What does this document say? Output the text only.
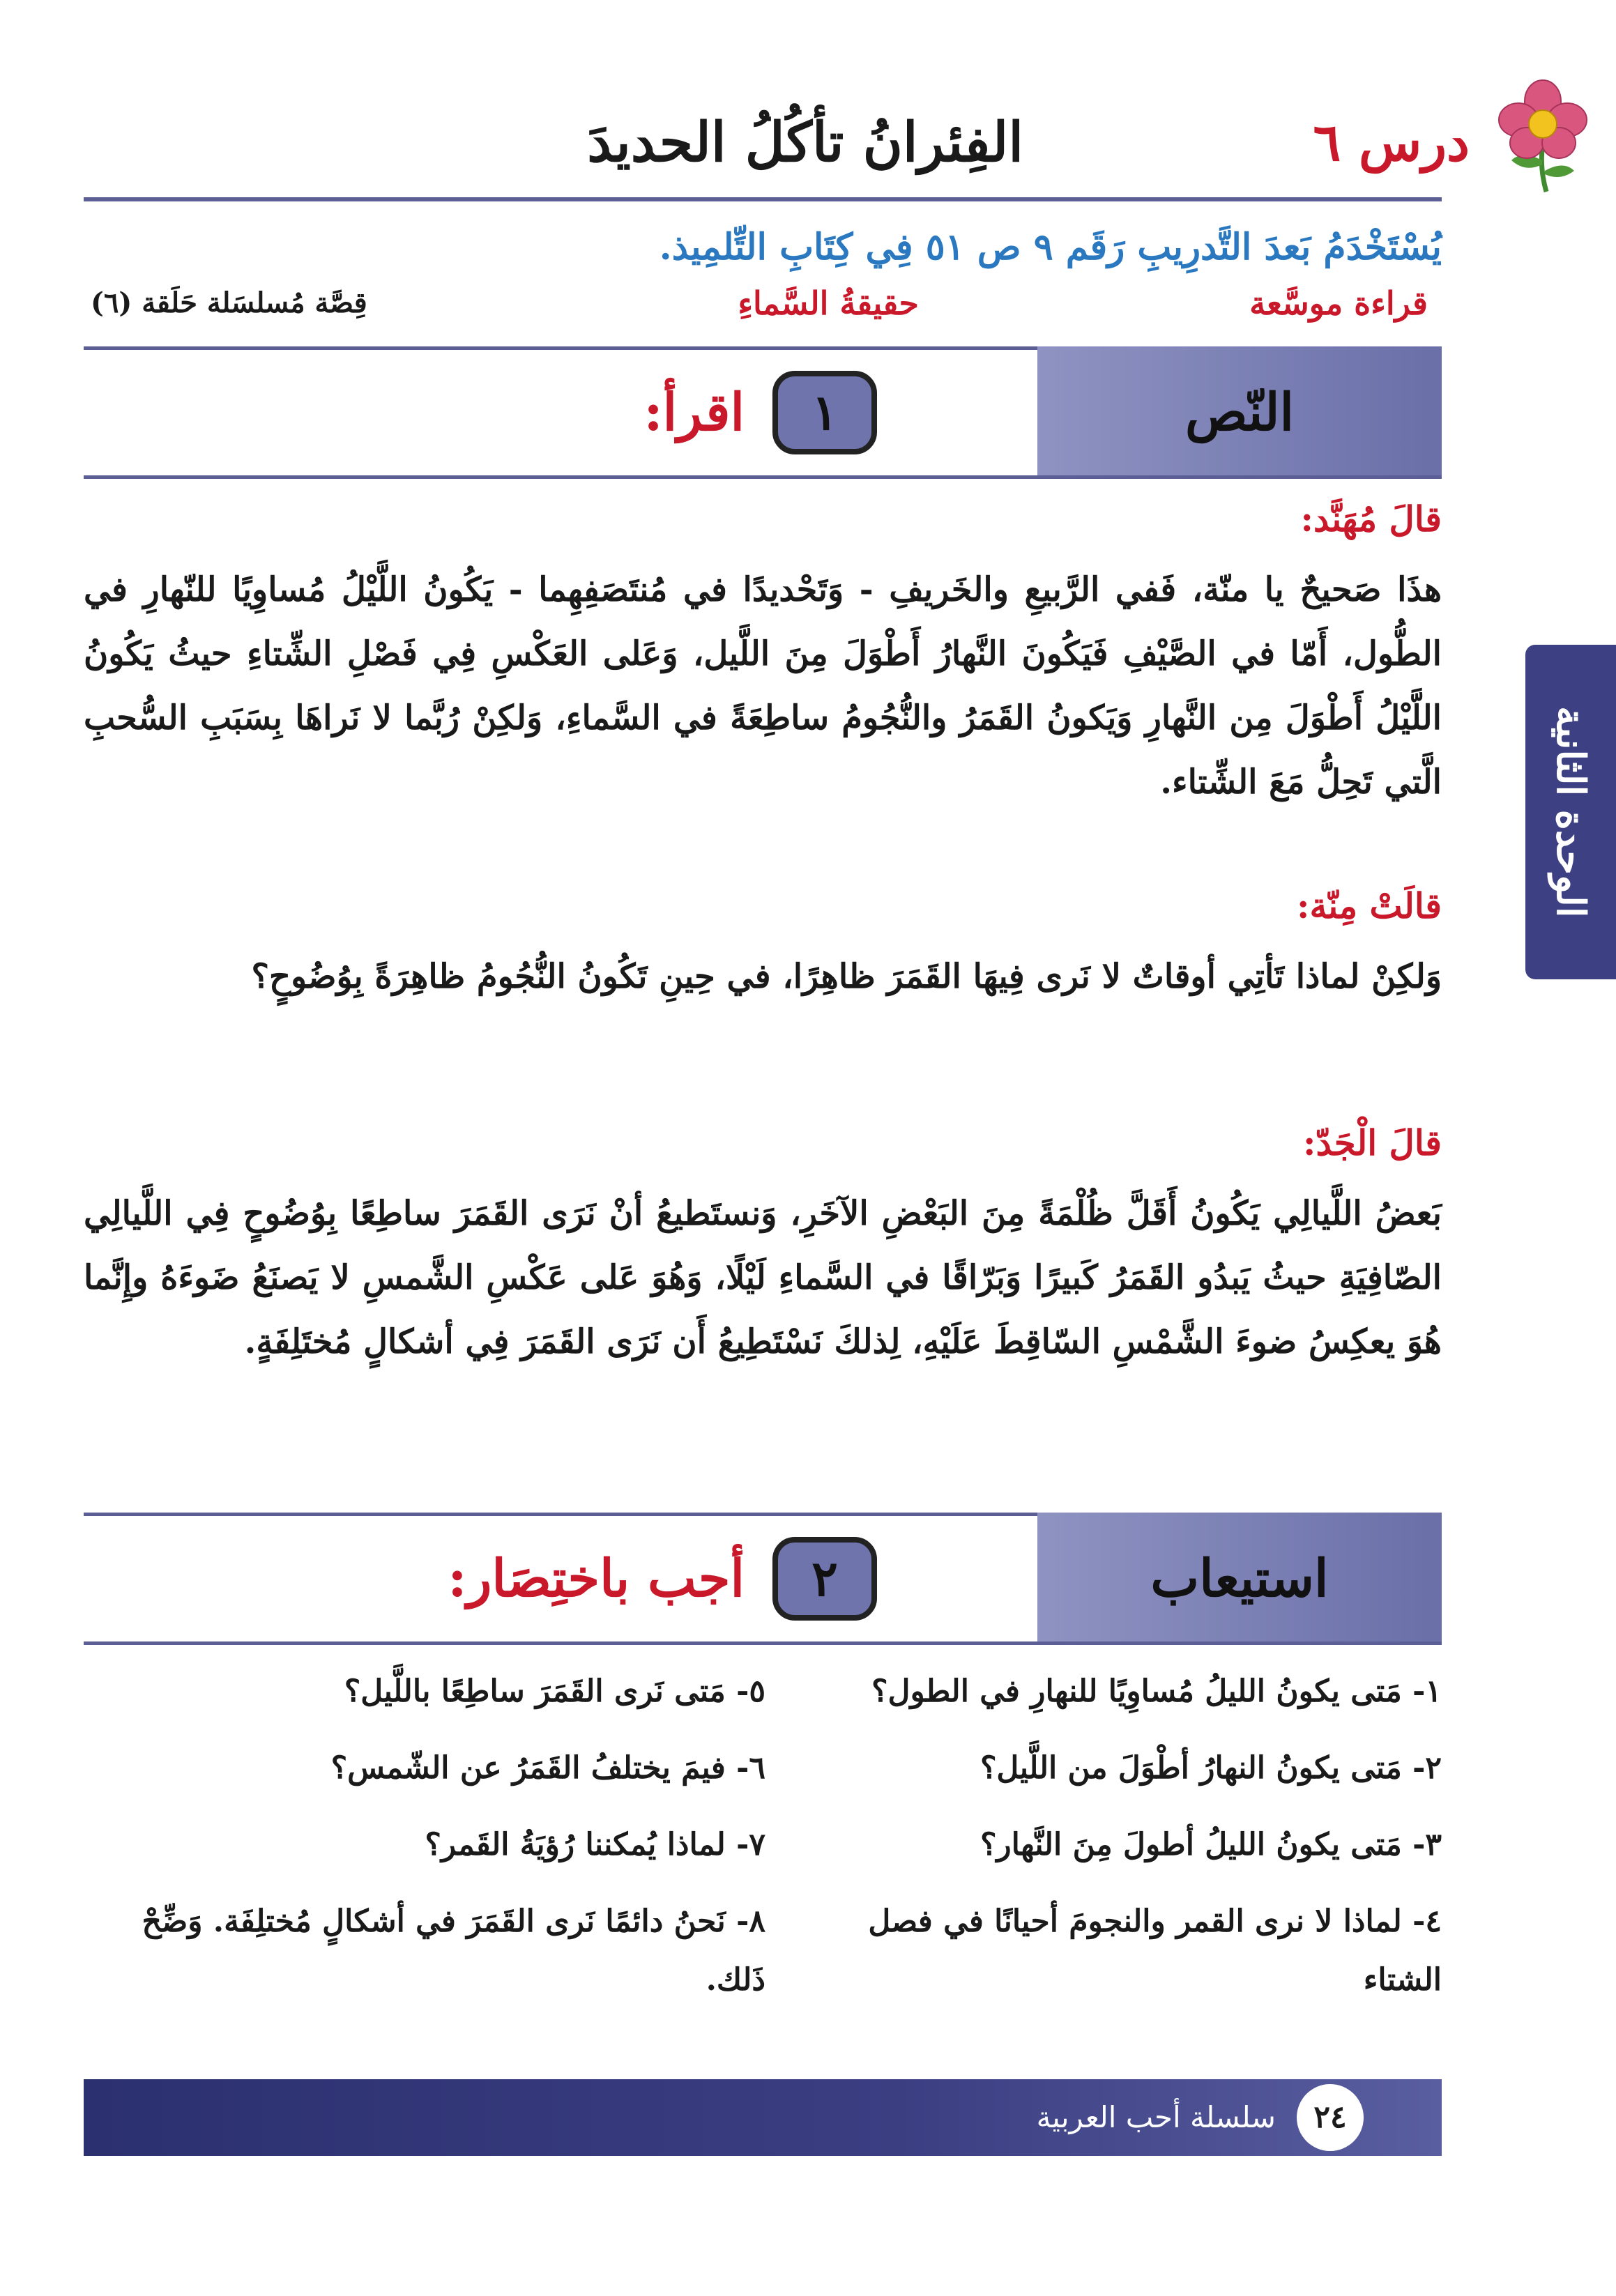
درس ٦
الفِئرانُ تأكُلُ الحديدَ
يُسْتَخْدَمُ بَعدَ التَّدرِيبِ رَقَم ٩ ص ٥١ فِي كِتَابِ التِّلمِيذ.
قراءة موسَّعة
حقيقةُ السَّماءِ
قِصَّة مُسلسَلة حَلَقة (٦)
النّص
١
اقرأ:
قالَ مُهَنَّد:
هذَا صَحيحٌ يا منّة، فَفي الرَّبيعِ والخَريفِ - وَتَحْديدًا في مُنتَصَفِهِما - يَكُونُ اللَّيْلُ مُساوِيًا للنّهارِ في الطُّول، أَمّا في الصَّيْفِ فَيَكُونَ النَّهارُ أَطْوَلَ مِنَ اللَّيل، وَعَلى العَكْسِ فِي فَصْلِ الشِّتاءِ حيثُ يَكُونُ اللَّيْلُ أَطْوَلَ مِن النَّهارِ وَيَكونُ القَمَرُ والنُّجُومُ ساطِعَةً في السَّماءِ، وَلكِنْ رُبَّما لا نَراهَا بِسَبَبِ السُّحبِ الَّتي تَحِلُّ مَعَ الشِّتاء.
قالَتْ مِنّة:
وَلكِنْ لماذا تَأتِي أوقاتٌ لا نَرى فِيهَا القَمَرَ ظاهِرًا، في حِينِ تَكُونُ النُّجُومُ ظاهِرَةً بِوُضُوحٍ؟
قالَ الْجَدّ:
بَعضُ اللَّيالِي يَكُونُ أَقَلَّ ظُلْمَةً مِنَ البَعْضِ الآخَرِ، وَنستَطيعُ أنْ نَرَى القَمَرَ ساطِعًا بِوُضُوحٍ فِي اللَّيالِي الصّافِيَةِ حيثُ يَبدُو القَمَرُ كَبيرًا وَبَرّاقًا في السَّماءِ لَيْلًا، وَهُوَ عَلى عَكْسِ الشَّمسِ لا يَصنَعُ ضَوءَهُ وإِنَّما هُوَ يعكِسُ ضوءَ الشَّمْسِ السّاقِطَ عَلَيْهِ، لِذلكَ نَسْتَطِيعُ أَن نَرَى القَمَرَ فِي أشكالٍ مُختَلِفَةٍ.
استيعاب
٢
أجب باختِصَار:
١- مَتى يكونُ الليلُ مُساوِيًا للنهارِ في الطول؟
٢- مَتى يكونُ النهارُ أطْوَلَ من اللَّيل؟
٣- مَتى يكونُ الليلُ أطولَ مِنَ النَّهار؟
٤- لماذا لا نرى القمر والنجومَ أحيانًا في فصل الشتاء
٥- مَتى نَرى القَمَرَ ساطِعًا باللَّيل؟
٦- فيمَ يختلفُ القَمَرُ عن الشّمس؟
٧- لماذا يُمكننا رُؤيَةُ القَمر؟
٨- نَحنُ دائمًا نَرى القَمَرَ في أشكالٍ مُختلِفَة. وَضِّحْ ذَلك.
الوحدة الثانية
٢٤
سلسلة أحب العربية
